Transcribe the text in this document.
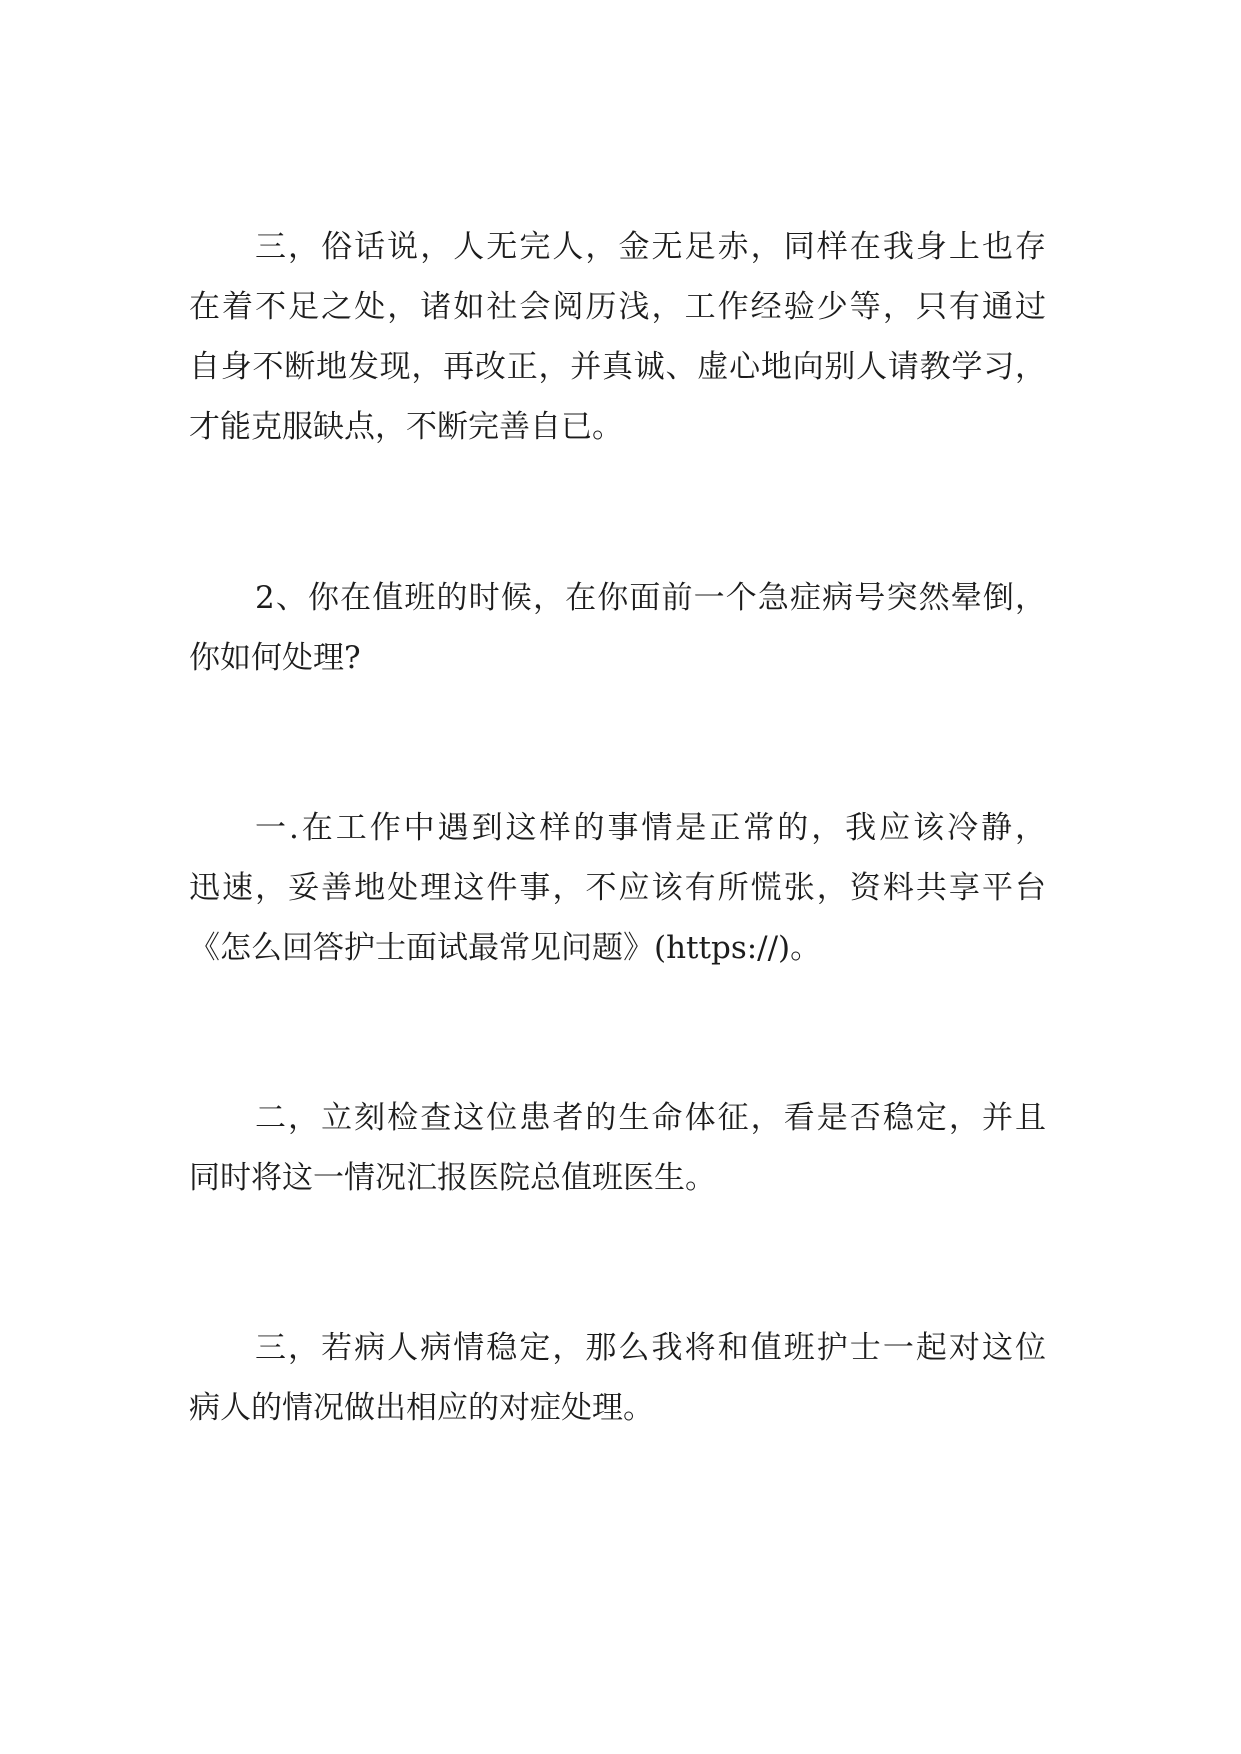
三，俗话说，人无完人，金无足赤，同样在我身上也存
在着不足之处，诸如社会阅历浅，工作经验少等，只有通过
自身不断地发现，再改正，并真诚、虚心地向别人请教学习，
才能克服缺点，不断完善自已。
2、你在值班的时候，在你面前一个急症病号突然晕倒，
你如何处理?
一.在工作中遇到这样的事情是正常的，我应该冷静，
迅速，妥善地处理这件事，不应该有所慌张，资料共享平台
《怎么回答护士面试最常见问题》(https://)。
二，立刻检查这位患者的生命体征，看是否稳定，并且
同时将这一情况汇报医院总值班医生。
三，若病人病情稳定，那么我将和值班护士一起对这位
病人的情况做出相应的对症处理。
